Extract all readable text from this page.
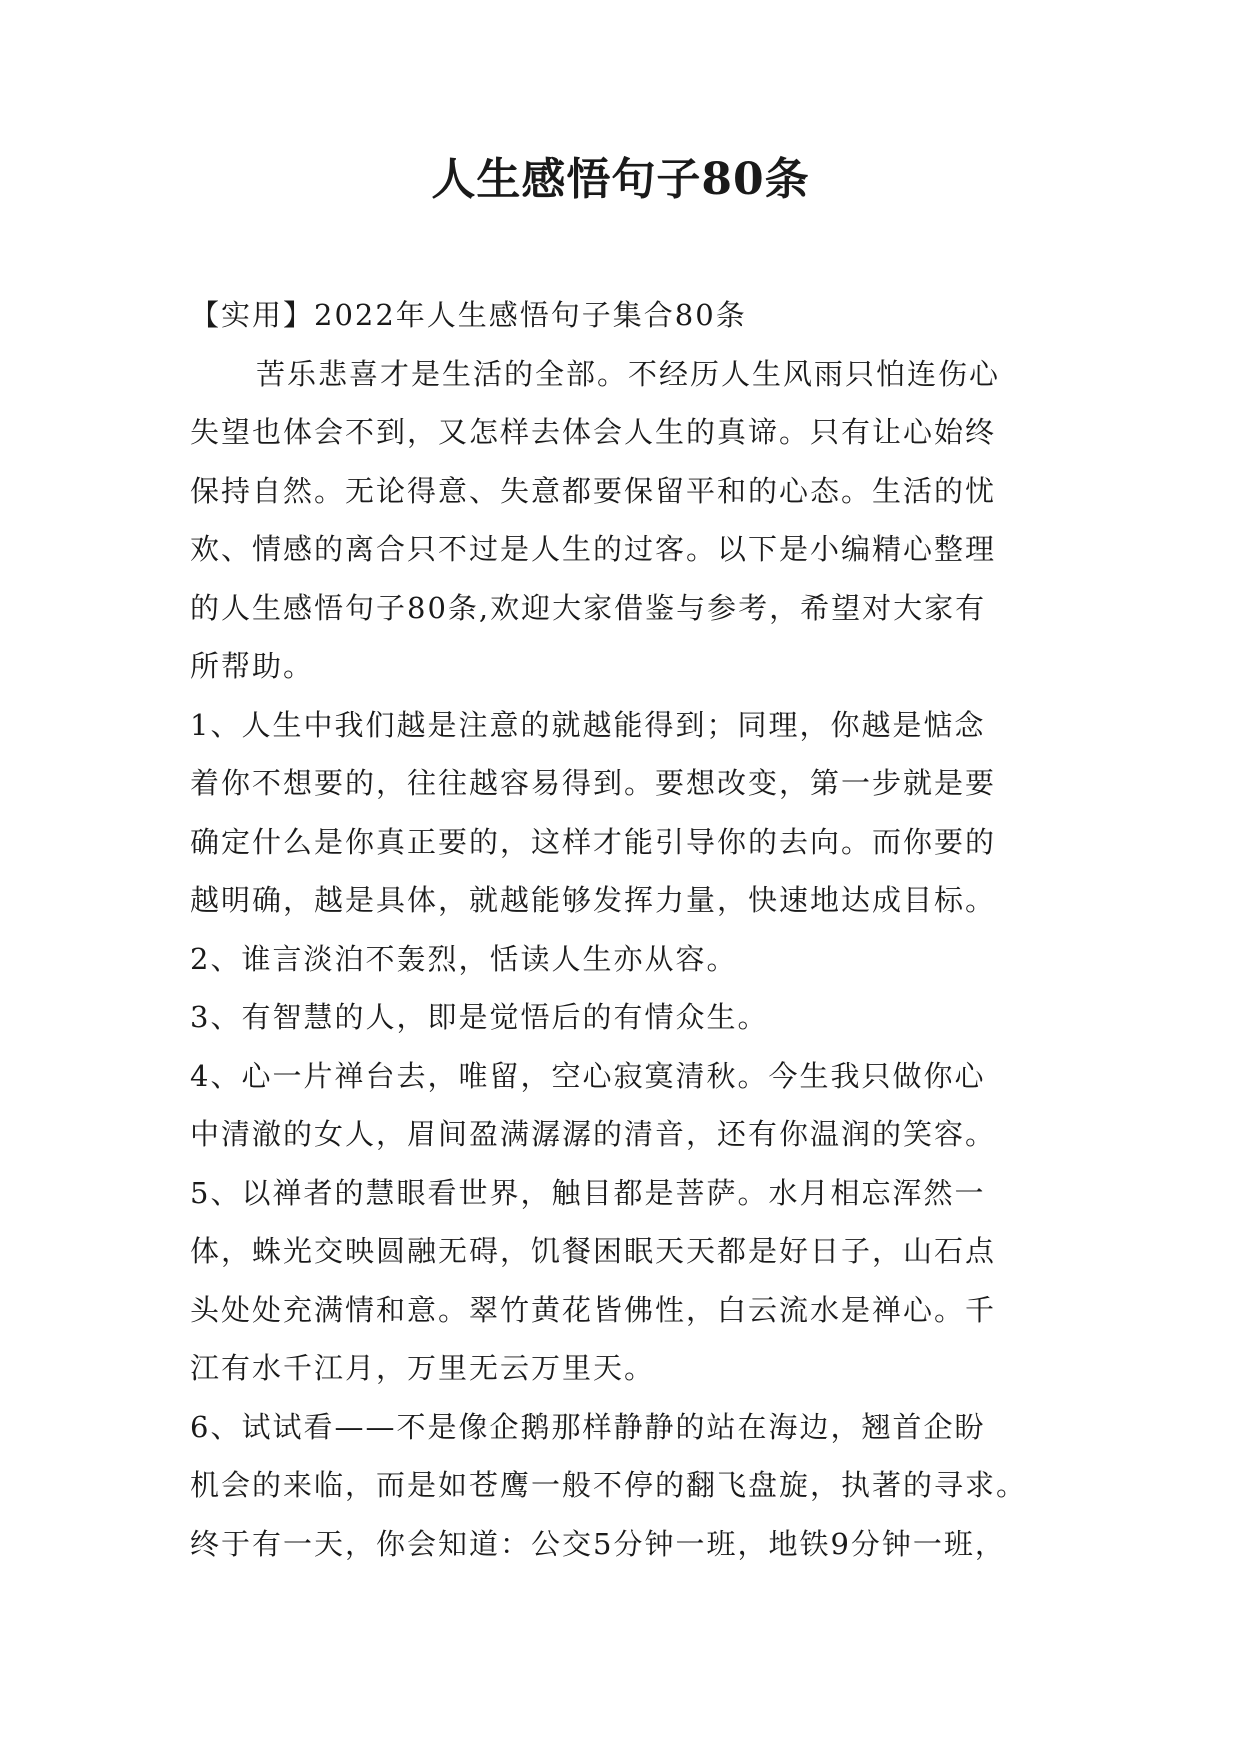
人生感悟句子80条
【实用】2022年人生感悟句子集合80条
苦乐悲喜才是生活的全部。不经历人生风雨只怕连伤心
失望也体会不到，又怎样去体会人生的真谛。只有让心始终
保持自然。无论得意、失意都要保留平和的心态。生活的忧
欢、情感的离合只不过是人生的过客。以下是小编精心整理
的人生感悟句子80条,欢迎大家借鉴与参考，希望对大家有
所帮助。
1、人生中我们越是注意的就越能得到；同理，你越是惦念
着你不想要的，往往越容易得到。要想改变，第一步就是要
确定什么是你真正要的，这样才能引导你的去向。而你要的
越明确，越是具体，就越能够发挥力量，快速地达成目标。
2、谁言淡泊不轰烈，恬读人生亦从容。
3、有智慧的人，即是觉悟后的有情众生。
4、心一片禅台去，唯留，空心寂寞清秋。今生我只做你心
中清澈的女人，眉间盈满潺潺的清音，还有你温润的笑容。
5、以禅者的慧眼看世界，触目都是菩萨。水月相忘浑然一
体，蛛光交映圆融无碍，饥餐困眠天天都是好日子，山石点
头处处充满情和意。翠竹黄花皆佛性，白云流水是禅心。千
江有水千江月，万里无云万里天。
6、试试看——不是像企鹅那样静静的站在海边，翘首企盼
机会的来临，而是如苍鹰一般不停的翻飞盘旋，执著的寻求。
终于有一天，你会知道：公交5分钟一班，地铁9分钟一班，
